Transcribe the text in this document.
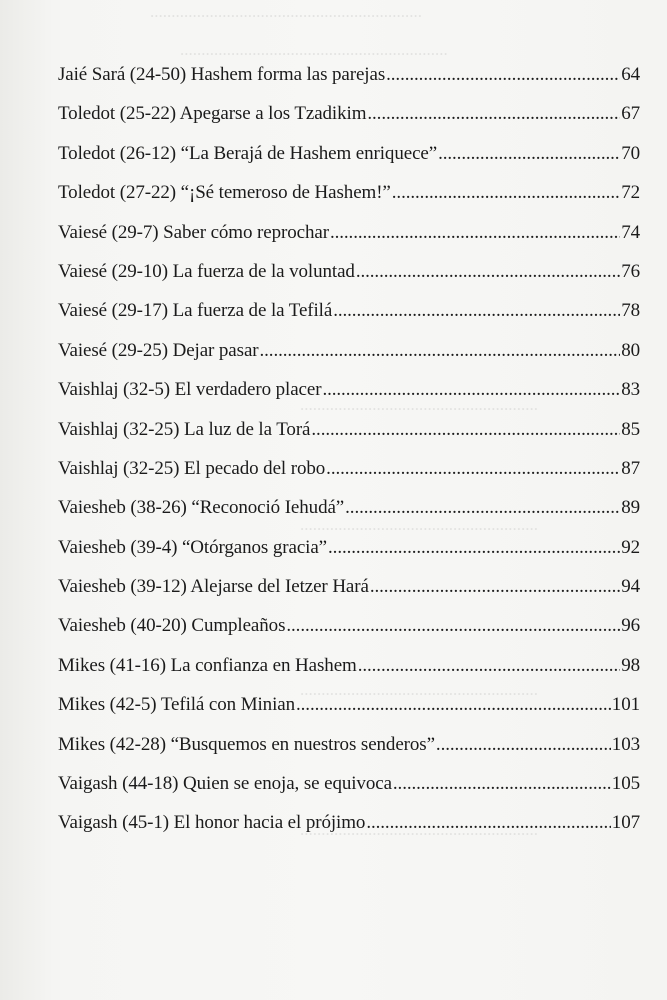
................................................................
...............................................................
........................................................
........................................................
........................................................
........................................................
Jaié Sará (24-50) Hashem forma las parejas .....	64
Toledot (25-22) Apegarse a los Tzadikim .....	67
Toledot (26-12) “La Berajá de Hashem enriquece” .....	70
Toledot (27-22) “¡Sé temeroso de Hashem!” .....	72
Vaiesé (29-7) Saber cómo reprochar .....	74
Vaiesé (29-10) La fuerza de la voluntad .....	76
Vaiesé (29-17) La fuerza de la Tefilá .....	78
Vaiesé (29-25) Dejar pasar .....	80
Vaishlaj (32-5) El verdadero placer .....	83
Vaishlaj (32-25) La luz de la Torá .....	85
Vaishlaj (32-25) El pecado del robo .....	87
Vaiesheb (38-26) “Reconoció Iehudá” .....	89
Vaiesheb (39-4) “Otórganos gracia” .....	92
Vaiesheb (39-12) Alejarse del Ietzer Hará .....	94
Vaiesheb (40-20) Cumpleaños .....	96
Mikes (41-16) La confianza en Hashem .....	98
Mikes (42-5) Tefilá con Minian .....	101
Mikes (42-28) “Busquemos en nuestros senderos” .....	103
Vaigash (44-18) Quien se enoja, se equivoca .....	105
Vaigash (45-1) El honor hacia el prójimo .....	107
